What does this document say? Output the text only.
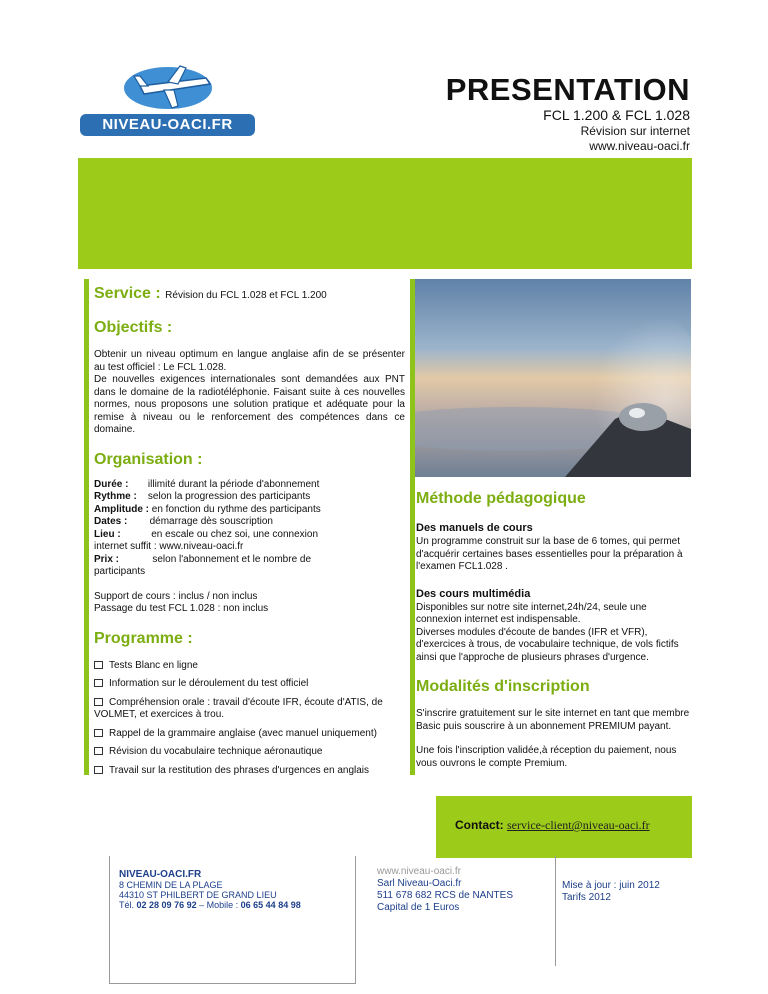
NIVEAU-OACI.FR
PRESENTATION
FCL 1.200 & FCL 1.028
Révision sur internet
www.niveau-oaci.fr
Service : Révision du FCL 1.028 et FCL 1.200
Objectifs :
Obtenir un niveau optimum en langue anglaise afin de se présenter au test officiel : Le FCL 1.028.
De nouvelles exigences internationales sont demandées aux PNT dans le domaine de la radiotéléphonie. Faisant suite à ces nouvelles normes, nous proposons une solution pratique et adéquate pour la remise à niveau ou le renforcement des compétences dans ce domaine.
Organisation :
Durée : illimité durant la période d'abonnement
Rythme : selon la progression des participants
Amplitude : en fonction du rythme des participants
Dates : démarrage dès souscription
Lieu :	en escale ou chez soi, une connexion
internet suffit : www.niveau-oaci.fr
Prix :	selon l'abonnement et le nombre de
participants
Support de cours : inclus / non inclus
Passage du test FCL 1.028 : non inclus
Programme :
Tests Blanc en ligne
Information sur le déroulement du test officiel
Compréhension orale : travail d'écoute IFR, écoute d'ATIS, de VOLMET, et exercices à trou.
Rappel de la grammaire anglaise (avec manuel uniquement)
Révision du vocabulaire technique aéronautique
Travail sur la restitution des phrases d'urgences en anglais
Méthode pédagogique
Des manuels de cours
Un programme construit sur la base de 6 tomes, qui permet d'acquérir certaines bases essentielles pour la préparation à l'examen FCL1.028 .
Des cours multimédia
Disponibles sur notre site internet,24h/24, seule une connexion internet est indispensable.
Diverses modules d'écoute de bandes (IFR et VFR), d'exercices à trous, de vocabulaire technique, de vols fictifs ainsi que l'approche de plusieurs phrases d'urgence.
Modalités d'inscription
S'inscrire gratuitement sur le site internet en tant que membre Basic puis souscrire à un abonnement PREMIUM payant.
Une fois l'inscription validée,à réception du paiement, nous vous ouvrons le compte Premium.
Contact: service-client@niveau-oaci.fr
NIVEAU-OACI.FR
8 CHEMIN DE LA PLAGE
44310 ST PHILBERT DE GRAND LIEU
Tél. 02 28 09 76 92 – Mobile : 06 65 44 84 98
www.niveau-oaci.fr
Sarl Niveau-Oaci.fr
511 678 682 RCS de NANTES
Capital de 1 Euros
Mise à jour : juin 2012
Tarifs 2012
